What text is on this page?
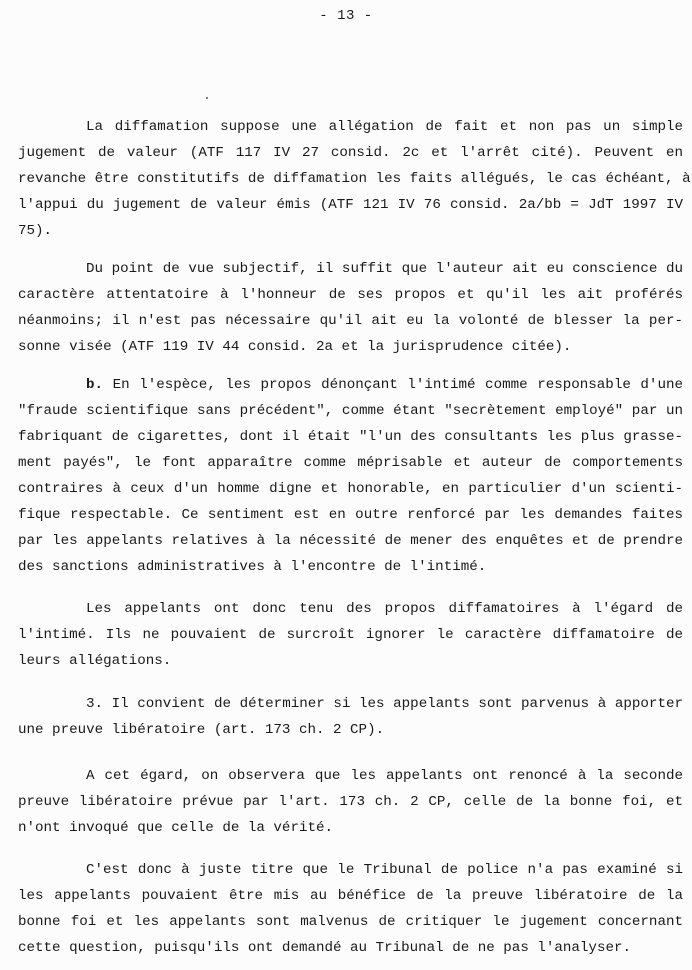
- 13 -

La diffamation suppose une allégation de fait et non pas un simple
jugement de valeur (ATF 117 IV 27 consid. 2c et l'arrêt cité). Peuvent en
revanche être constitutifs de diffamation les faits allégués, le cas échéant, à
l'appui du jugement de valeur émis (ATF 121 IV 76 consid. 2a/bb = JdT 1997 IV
75).

Du point de vue subjectif, il suffit que l'auteur ait eu conscience du
caractère attentatoire à l'honneur de ses propos et qu'il les ait proférés
néanmoins; il n'est pas nécessaire qu'il ait eu la volonté de blesser la per-
sonne visée (ATF 119 IV 44 consid. 2a et la jurisprudence citée).

b. En l'espèce, les propos dénonçant l'intimé comme responsable d'une
"fraude scientifique sans précédent", comme étant "secrètement employé" par un
fabriquant de cigarettes, dont il était "l'un des consultants les plus grasse-
ment payés", le font apparaître comme méprisable et auteur de comportements
contraires à ceux d'un homme digne et honorable, en particulier d'un scienti-
fique respectable. Ce sentiment est en outre renforcé par les demandes faites
par les appelants relatives à la nécessité de mener des enquêtes et de prendre
des sanctions administratives à l'encontre de l'intimé.

Les appelants ont donc tenu des propos diffamatoires à l'égard de
l'intimé. Ils ne pouvaient de surcroît ignorer le caractère diffamatoire de
leurs allégations.

3. Il convient de déterminer si les appelants sont parvenus à apporter
une preuve libératoire (art. 173 ch. 2 CP).

A cet égard, on observera que les appelants ont renoncé à la seconde
preuve libératoire prévue par l'art. 173 ch. 2 CP, celle de la bonne foi, et
n'ont invoqué que celle de la vérité.

C'est donc à juste titre que le Tribunal de police n'a pas examiné si
les appelants pouvaient être mis au bénéfice de la preuve libératoire de la
bonne foi et les appelants sont malvenus de critiquer le jugement concernant
cette question, puisqu'ils ont demandé au Tribunal de ne pas l'analyser.
